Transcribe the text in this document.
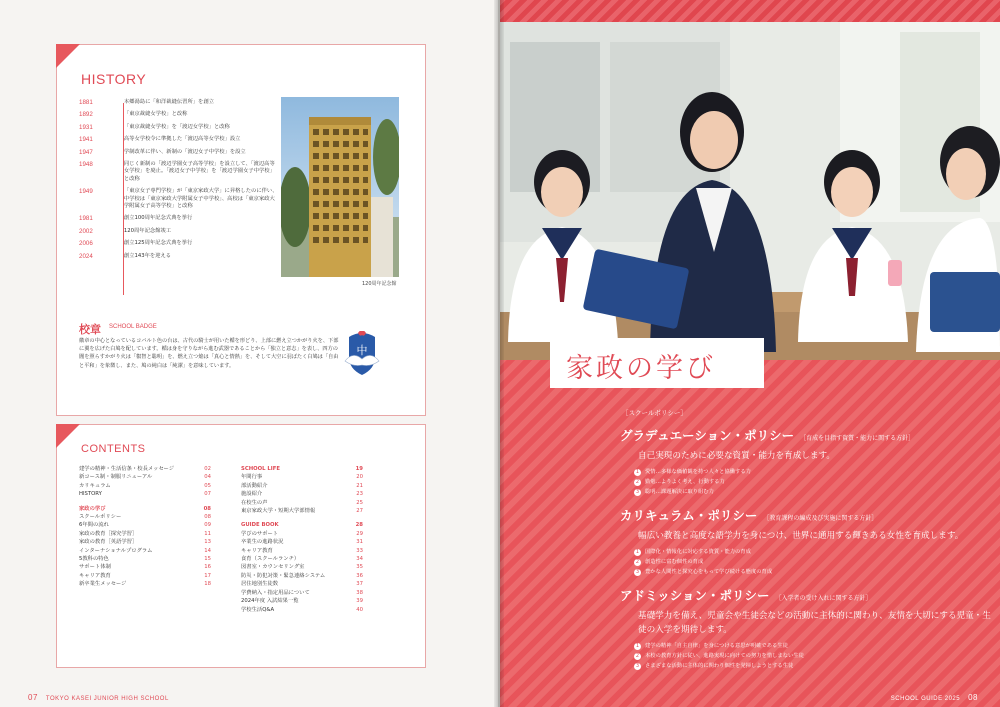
HISTORY
1881	本郷湯島に「和洋裁縫伝習所」を創立
1892	「東京裁縫女学校」と改称
1931	「東京裁縫女学校」を「渡辺女学校」と改称
1941	高等女学校令に準拠した「渡辺高等女学校」設立
1947	学制改革に伴い、新制の「渡辺女子中学校」を設立
1948	同じく新制の「渡辺学園女子高等学校」を設立して、「渡辺高等女学校」を廃止。「渡辺女子中学校」を「渡辺学園女子中学校」と改称
1949	「東京女子専門学校」が「東京家政大学」に昇格したのに伴い、中学校は「東京家政大学附属女子中学校」、高校は「東京家政大学附属女子高等学校」と改称
1981	創立100周年記念式典を挙行
2002	120周年記念館竣工
2006	創立125周年記念式典を挙行
2024	創立143年を迎える
120周年記念館
校章 SCHOOL BADGE
徽章の中心となっているコバルト色の台は、古代の騎士が用いた楯を形どり、上部に燃え立つかがり火を、下部に翼を広げた白鳩を配しています。楯は身を守りながら進む武器であることから「独立と意志」を表し、四方の闇を照らすかがり火は「叡智と聡明」を、燃え立つ焔は「真心と情熱」を、そして大空に羽ばたく白鳩は「自由と平和」を象徴し、また、鳩の純白は「純潔」を意味しています。
中
CONTENTS
建学の精神・生活信条・校長メッセージ	02
新コース制・制服リニューアル	04
カリキュラム	05
HISTORY	07
家政の学び	08
スクールポリシー	08
6年間の流れ	09
家政の教育［探究学習］	11
家政の教育［英語学習］	13
インターナショナルプログラム	14
5教科の特色	15
サポート体制	16
キャリア教育	17
新卒業生メッセージ	18
SCHOOL LIFE	19
年間行事	20
部活動紹介	21
施設紹介	23
在校生の声	25
東京家政大学・短期大学部情報	27
GUIDE BOOK	28
学びのサポート	29
卒業生の進路状況	31
キャリア教育	33
食育（スクールランチ）	34
図書室・カウンセリング室	35
防災・防犯対策・緊急連絡システム	36
居住地別生徒数	37
学費納入・指定用品について	38
2024年度 入試結果一覧	39
学校生活Q&A	40
07 TOKYO KASEI JUNIOR HIGH SCHOOL
家政の学び
［スクールポリシー］
グラデュエーション・ポリシー ［育成を目指す資質・能力に関する方針］
自己実現のために必要な資質・能力を育成します。
1	愛情…多様な価値観を持つ人々と協働する力
2	勤勉…よりよく考え、行動する力
3	聡明…課題解決に取り組む力
カリキュラム・ポリシー ［教育課程の編成及び実施に関する方針］
幅広い教養と高度な語学力を身につけ、世界に通用する輝きある女性を育成します。
1	国際化・情報化に対応する資質・能力の育成
2	創造性に富む個性の育成
3	豊かな人間性と探究心をもって学び続ける態度の育成
アドミッション・ポリシー ［入学者の受け入れに関する方針］
基礎学力を備え、児童会や生徒会などの活動に主体的に関わり、友情を大切にする児童・生徒の入学を期待します。
1	建学の精神「自主自律」を身につける意思が明確である生徒
2	本校の教育方針に従い、進路実現に向けての努力を惜しまない生徒
3	さまざまな活動に主体的に関わり個性を発揮しようとする生徒
SCHOOL GUIDE 2025 08
